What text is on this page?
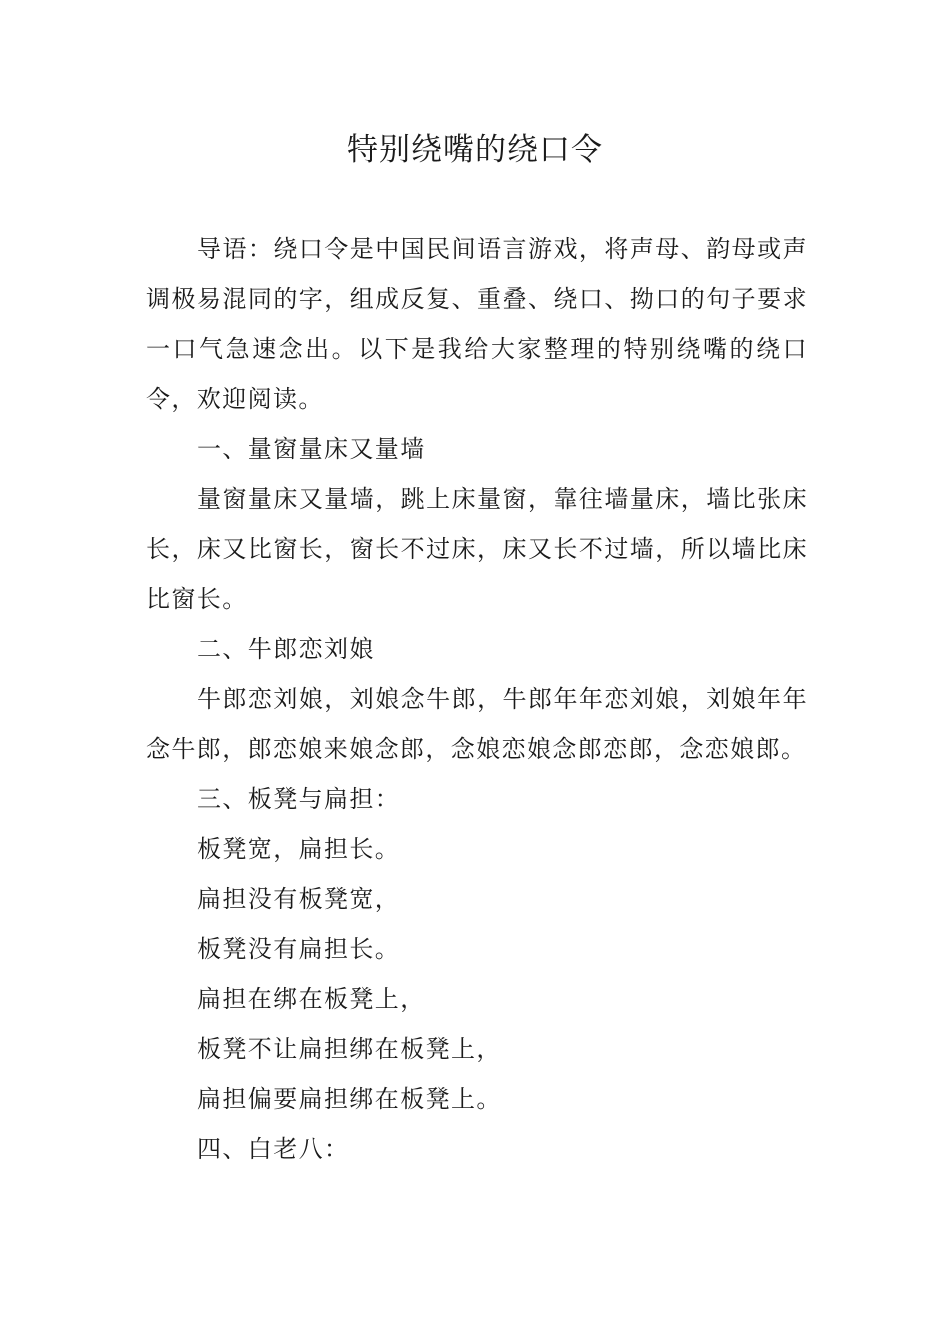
特别绕嘴的绕口令

导语：绕口令是中国民间语言游戏，将声母、韵母或声调极易混同的字，组成反复、重叠、绕口、拗口的句子要求一口气急速念出。以下是我给大家整理的特别绕嘴的绕口令，欢迎阅读。

一、量窗量床又量墙

量窗量床又量墙，跳上床量窗，靠往墙量床，墙比张床长，床又比窗长，窗长不过床，床又长不过墙，所以墙比床比窗长。

二、牛郎恋刘娘

牛郎恋刘娘，刘娘念牛郎，牛郎年年恋刘娘，刘娘年年念牛郎，郎恋娘来娘念郎，念娘恋娘念郎恋郎，念恋娘郎。

三、板凳与扁担：

板凳宽，扁担长。

扁担没有板凳宽，

板凳没有扁担长。

扁担在绑在板凳上，

板凳不让扁担绑在板凳上，

扁担偏要扁担绑在板凳上。

四、白老八：
